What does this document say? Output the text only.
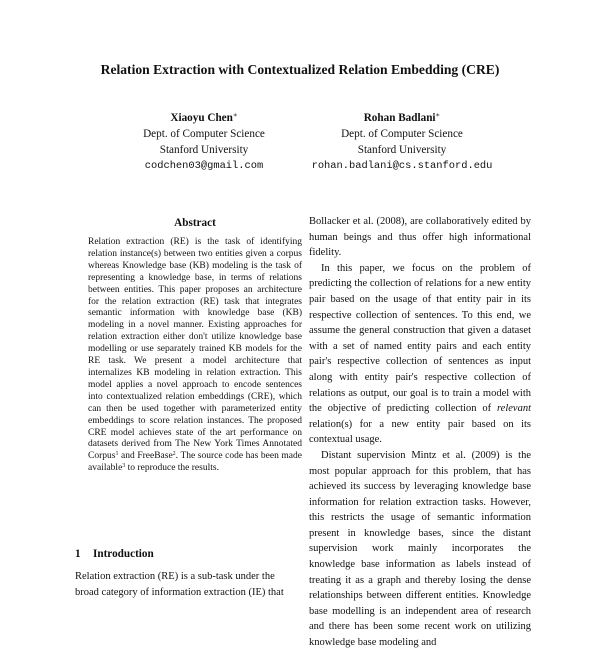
Relation Extraction with Contextualized Relation Embedding (CRE)
Xiaoyu Chen∗
Dept. of Computer Science
Stanford University
codchen03@gmail.com
Rohan Badlani∗
Dept. of Computer Science
Stanford University
rohan.badlani@cs.stanford.edu
Abstract
Relation extraction (RE) is the task of identifying relation instance(s) between two entities given a corpus whereas Knowledge base (KB) modeling is the task of representing a knowledge base, in terms of relations between entities. This paper proposes an architecture for the relation extraction (RE) task that integrates semantic information with knowledge base (KB) modeling in a novel manner. Existing approaches for relation extraction either don't utilize knowledge base modelling or use separately trained KB models for the RE task. We present a model architecture that internalizes KB modeling in relation extraction. This model applies a novel approach to encode sentences into contextualized relation embeddings (CRE), which can then be used together with parameterized entity embeddings to score relation instances. The proposed CRE model achieves state of the art performance on datasets derived from The New York Times Annotated Corpus$^1$ and FreeBase$^2$. The source code has been made available$^3$ to reproduce the results.
1 Introduction
Relation extraction (RE) is a sub-task under the
broad category of information extraction (IE) that

Bollacker et al. (2008), are collaboratively edited by human beings and thus offer high informational fidelity.

In this paper, we focus on the problem of predicting the collection of relations for a new entity pair based on the usage of that entity pair in its respective collection of sentences. To this end, we assume the general construction that given a dataset with a set of named entity pairs and each entity pair's respective collection of sentences as input along with entity pair's respective collection of relations as output, our goal is to train a model with the objective of predicting collection of relevant relation(s) for a new entity pair based on its contextual usage.

Distant supervision Mintz et al. (2009) is the most popular approach for this problem, that has achieved its success by leveraging knowledge base information for relation extraction tasks. However, this restricts the usage of semantic information present in knowledge bases, since the distant supervision work mainly incorporates the knowledge base information as labels instead of treating it as a graph and thereby losing the dense relationships between different entities. Knowledge base modelling is an independent area of research and there has been some recent work on utilizing knowledge base modeling and
